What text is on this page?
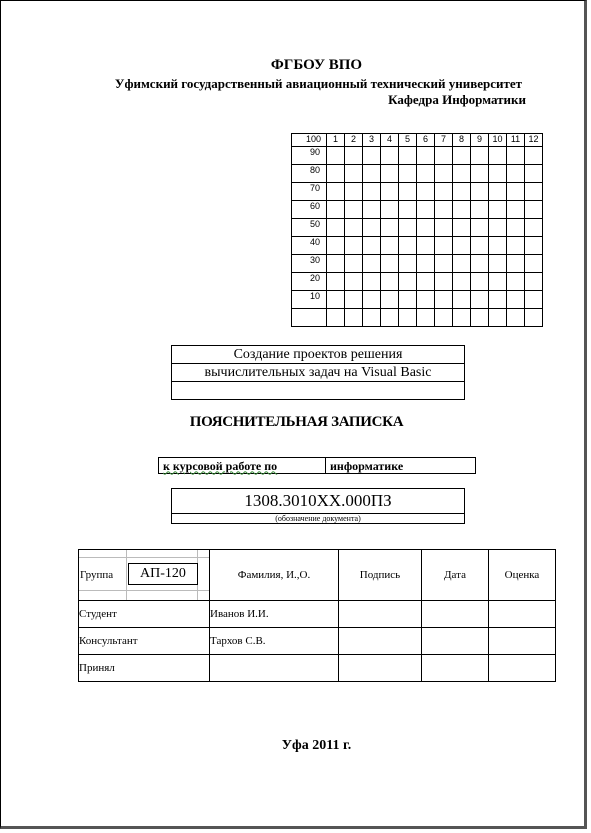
ФГБОУ ВПО
Уфимский государственный авиационный технический университет
Кафедра Информатики
100	1	2	3	4	5	6	7	8	9	10	11	12
90												
80												
70												
60												
50												
40												
30												
20												
10												

Создание проектов решения
вычислительных задач на Visual Basic

ПОЯСНИТЕЛЬНАЯ ЗАПИСКА
к курсовой работе по	информатике
1308.3010ХХ.000ПЗ
(обозначение документа)
Группа АП-120	Фамилия, И.,О.	Подпись	Дата	Оценка
Студент	Иванов И.И.			
Консультант	Тархов С.В.			
Принял				
Уфа 2011 г.
